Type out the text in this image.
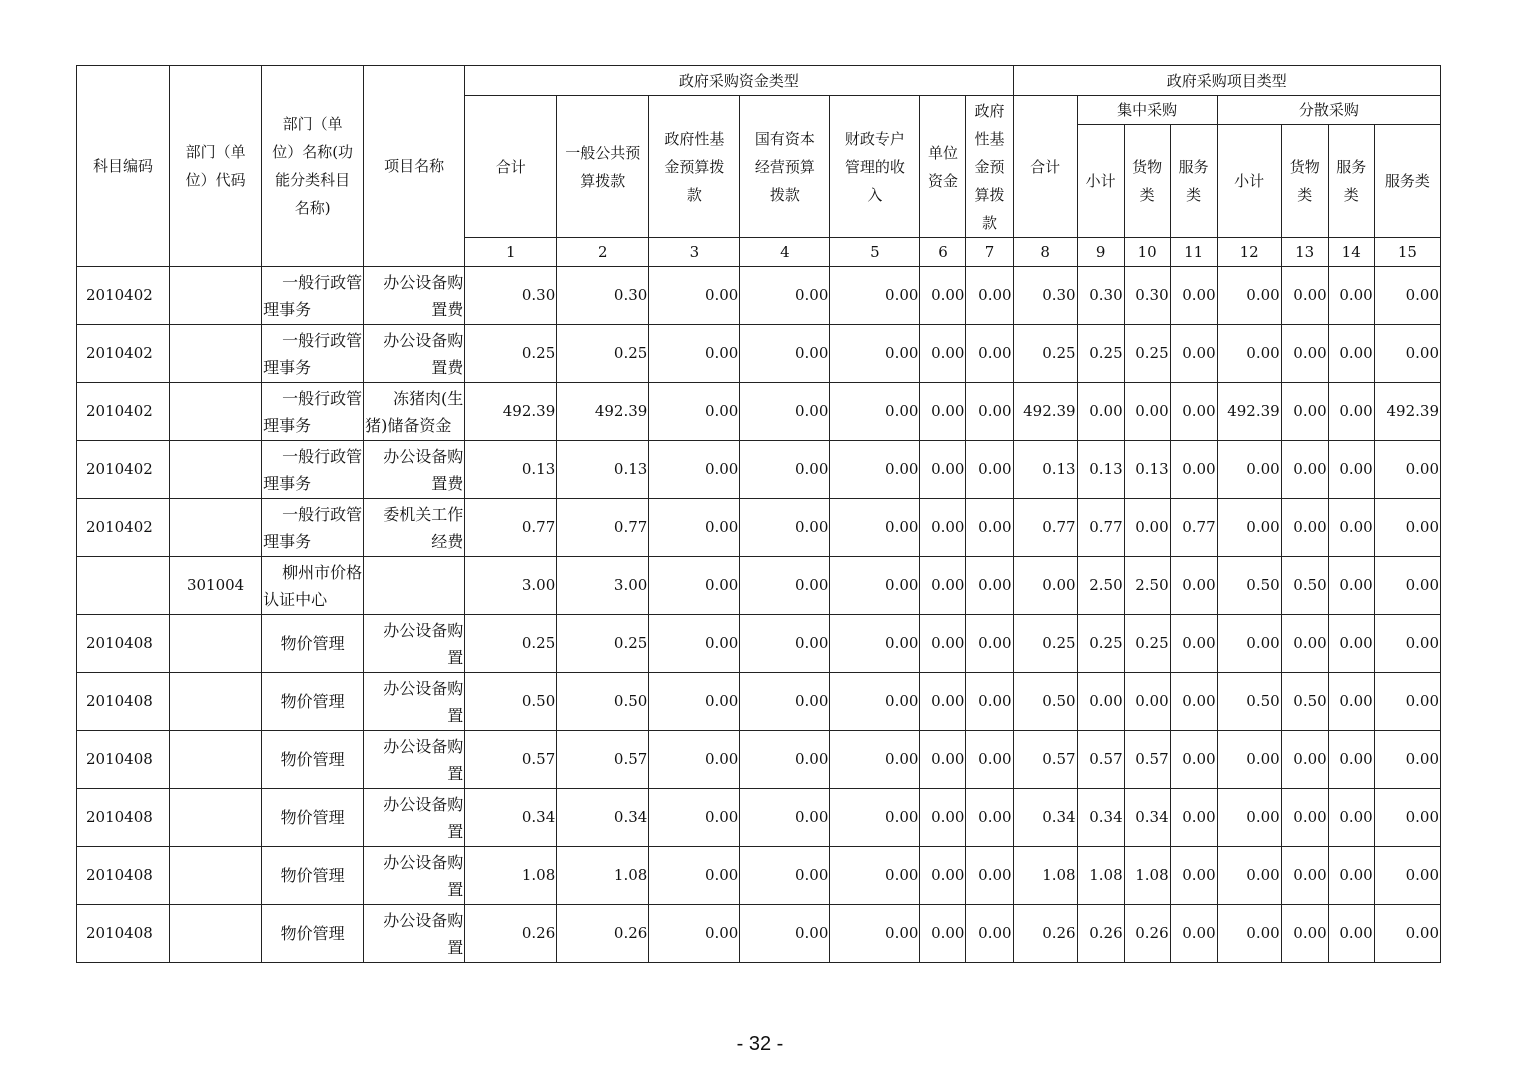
科目编码	部门（单
位）代码	部门（单
位）名称(功
能分类科目
名称)	项目名称	政府采购资金类型							政府采购项目类型							

				合计	一般公共预
算拨款	政府性基
金预算拨
款	国有资本
经营预算
拨款	财政专户
管理的收
入	单位
资金	政府
性基
金预
算拨
款	合计	集中采购			分散采购			

												小计	货物
类	服务
类	小计	货物
类	服务
类	服务类

				1	2	3	4	5	6	7	8	9	10	11	12	13	14	15
2010402		一般行政管
理事务	办公设备购
置费	0.30	0.30	0.00	0.00	0.00	0.00	0.00	0.30	0.30	0.30	0.00	0.00	0.00	0.00	0.00
2010402		一般行政管
理事务	办公设备购
置费	0.25	0.25	0.00	0.00	0.00	0.00	0.00	0.25	0.25	0.25	0.00	0.00	0.00	0.00	0.00
2010402		一般行政管
理事务	冻猪肉(生
猪)储备资金	492.39	492.39	0.00	0.00	0.00	0.00	0.00	492.39	0.00	0.00	0.00	492.39	0.00	0.00	492.39
2010402		一般行政管
理事务	办公设备购
置费	0.13	0.13	0.00	0.00	0.00	0.00	0.00	0.13	0.13	0.13	0.00	0.00	0.00	0.00	0.00
2010402		一般行政管
理事务	委机关工作
经费	0.77	0.77	0.00	0.00	0.00	0.00	0.00	0.77	0.77	0.00	0.77	0.00	0.00	0.00	0.00
	301004	柳州市价格
认证中心		3.00	3.00	0.00	0.00	0.00	0.00	0.00	0.00	2.50	2.50	0.00	0.50	0.50	0.00	0.00
2010408		物价管理	办公设备购
置	0.25	0.25	0.00	0.00	0.00	0.00	0.00	0.25	0.25	0.25	0.00	0.00	0.00	0.00	0.00
2010408		物价管理	办公设备购
置	0.50	0.50	0.00	0.00	0.00	0.00	0.00	0.50	0.00	0.00	0.00	0.50	0.50	0.00	0.00
2010408		物价管理	办公设备购
置	0.57	0.57	0.00	0.00	0.00	0.00	0.00	0.57	0.57	0.57	0.00	0.00	0.00	0.00	0.00
2010408		物价管理	办公设备购
置	0.34	0.34	0.00	0.00	0.00	0.00	0.00	0.34	0.34	0.34	0.00	0.00	0.00	0.00	0.00
2010408		物价管理	办公设备购
置	1.08	1.08	0.00	0.00	0.00	0.00	0.00	1.08	1.08	1.08	0.00	0.00	0.00	0.00	0.00
2010408		物价管理	办公设备购
置	0.26	0.26	0.00	0.00	0.00	0.00	0.00	0.26	0.26	0.26	0.00	0.00	0.00	0.00	0.00
- 32 -
